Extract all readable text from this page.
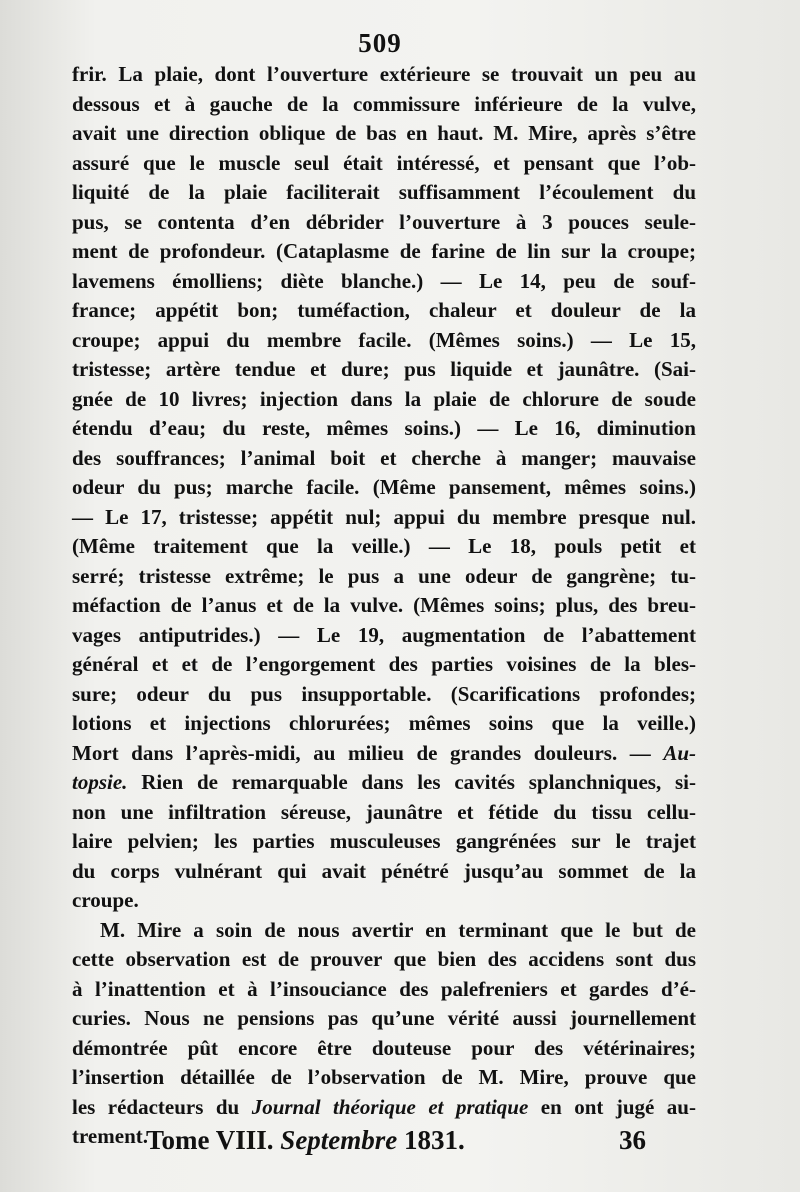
509
frir. La plaie, dont l’ouverture extérieure se trouvait un peu au
dessous et à gauche de la commissure inférieure de la vulve,
avait une direction oblique de bas en haut. M. Mire, après s’être
assuré que le muscle seul était intéressé, et pensant que l’ob-
liquité de la plaie faciliterait suffisamment l’écoulement du
pus, se contenta d’en débrider l’ouverture à 3 pouces seule-
ment de profondeur. (Cataplasme de farine de lin sur la croupe;
lavemens émolliens; diète blanche.) — Le 14, peu de souf-
france; appétit bon; tuméfaction, chaleur et douleur de la
croupe; appui du membre facile. (Mêmes soins.) — Le 15,
tristesse; artère tendue et dure; pus liquide et jaunâtre. (Sai-
gnée de 10 livres; injection dans la plaie de chlorure de soude
étendu d’eau; du reste, mêmes soins.) — Le 16, diminution
des souffrances; l’animal boit et cherche à manger; mauvaise
odeur du pus; marche facile. (Même pansement, mêmes soins.)
— Le 17, tristesse; appétit nul; appui du membre presque nul.
(Même traitement que la veille.) — Le 18, pouls petit et
serré; tristesse extrême; le pus a une odeur de gangrène; tu-
méfaction de l’anus et de la vulve. (Mêmes soins; plus, des breu-
vages antiputrides.) — Le 19, augmentation de l’abattement
général et et de l’engorgement des parties voisines de la bles-
sure; odeur du pus insupportable. (Scarifications profondes;
lotions et injections chlorurées; mêmes soins que la veille.)
Mort dans l’après-midi, au milieu de grandes douleurs. — Au-
topsie. Rien de remarquable dans les cavités splanchniques, si-
non une infiltration séreuse, jaunâtre et fétide du tissu cellu-
laire pelvien; les parties musculeuses gangrénées sur le trajet
du corps vulnérant qui avait pénétré jusqu’au sommet de la
croupe.
M. Mire a soin de nous avertir en terminant que le but de
cette observation est de prouver que bien des accidens sont dus
à l’inattention et à l’insouciance des palefreniers et gardes d’é-
curies. Nous ne pensions pas qu’une vérité aussi journellement
démontrée pût encore être douteuse pour des vétérinaires;
l’insertion détaillée de l’observation de M. Mire, prouve que
les rédacteurs du Journal théorique et pratique en ont jugé au-
trement.
Tome VIII. Septembre 1831.	36
